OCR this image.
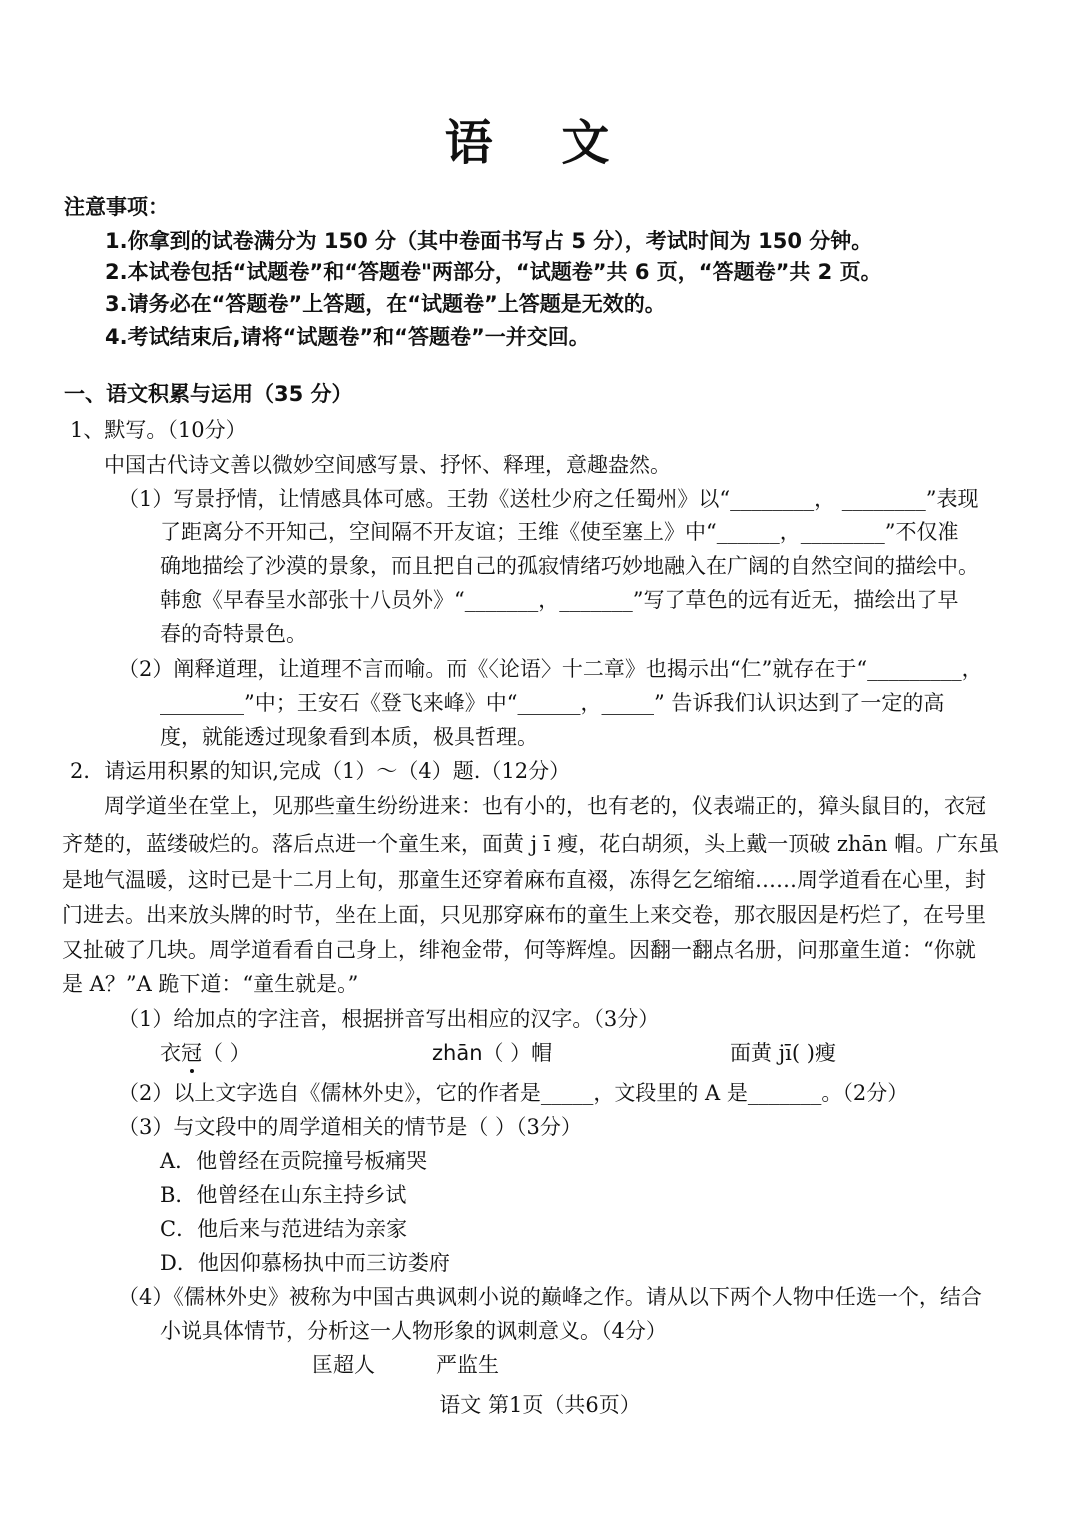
语 文
注意事项：
1.你拿到的试卷满分为 150 分（其中卷面书写占 5 分），考试时间为 150 分钟。
2.本试卷包括“试题卷”和“答题卷"两部分，“试题卷”共 6 页，“答题卷”共 2 页。
3.请务必在“答题卷”上答题，在“试题卷”上答题是无效的。
4.考试结束后,请将“试题卷”和“答题卷”一并交回。
一、语文积累与运用（35 分）
1、默写。（10分）
中国古代诗文善以微妙空间感写景、抒怀、释理，意趣盎然。
（1）写景抒情，让情感具体可感。王勃《送杜少府之任蜀州》以“________， ________”表现
了距离分不开知己，空间隔不开友谊；王维《使至塞上》中“______，________”不仅准
确地描绘了沙漠的景象，而且把自己的孤寂情绪巧妙地融入在广阔的自然空间的描绘中。
韩愈《早春呈水部张十八员外》“_______，_______”写了草色的远有近无，描绘出了早
春的奇特景色。
（2）阐释道理，让道理不言而喻。而《〈论语〉十二章》也揭示出“仁”就存在于“_________，
________”中；王安石《登飞来峰》中“______，_____” 告诉我们认识达到了一定的高
度，就能透过现象看到本质，极具哲理。
2．请运用积累的知识,完成（1）～（4）题.（12分）
周学道坐在堂上，见那些童生纷纷进来：也有小的，也有老的，仪表端正的，獐头鼠目的，衣冠
齐楚的，蓝缕破烂的。落后点进一个童生来，面黄 j ī 瘦，花白胡须，头上戴一顶破 zhān 帽。广东虽
是地气温暖，这时已是十二月上旬，那童生还穿着麻布直裰，冻得乞乞缩缩……周学道看在心里，封
门进去。出来放头牌的时节，坐在上面，只见那穿麻布的童生上来交卷，那衣服因是朽烂了，在号里
又扯破了几块。周学道看看自己身上，绯袍金带，何等辉煌。因翻一翻点名册，问那童生道：“你就
是 A？”A 跪下道：“童生就是。”
（1）给加点的字注音，根据拼音写出相应的汉字。（3分）
衣冠（ ）	zhān（ ）帽	面黄 jī( )瘦
（2）以上文字选自《儒林外史》，它的作者是_____，文段里的 A 是_______。（2分）
（3）与文段中的周学道相关的情节是（ ）（3分）
A．他曾经在贡院撞号板痛哭
B．他曾经在山东主持乡试
C．他后来与范进结为亲家
D．他因仰慕杨执中而三访娄府
（4）《儒林外史》被称为中国古典讽刺小说的巅峰之作。请从以下两个人物中任选一个，结合
小说具体情节，分析这一人物形象的讽刺意义。（4分）
匡超人	严监生
语文 第1页（共6页）
